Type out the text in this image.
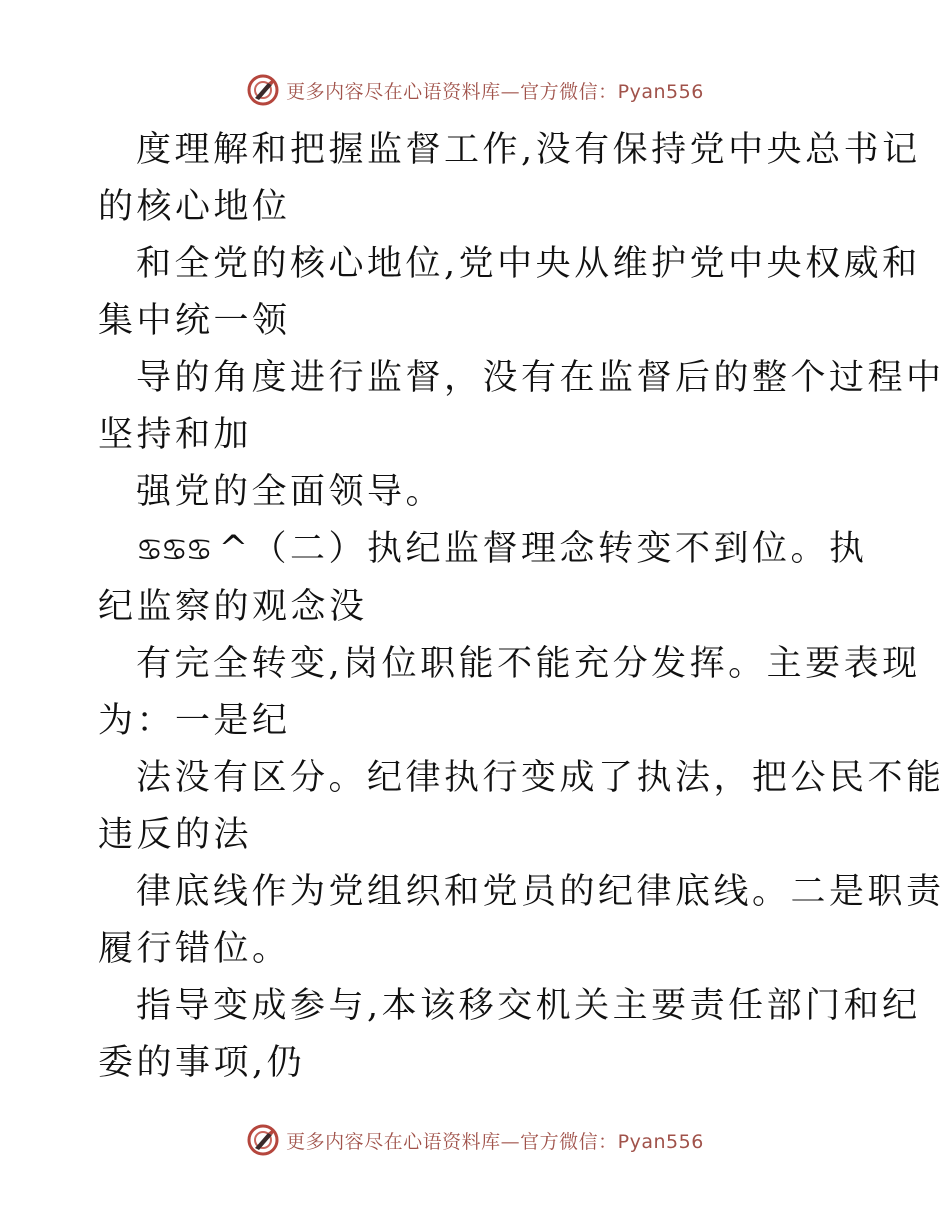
更多内容尽在心语资料库—官方微信：Pyan556

度理解和把握监督工作,没有保持党中央总书记
的核心地位

和全党的核心地位,党中央从维护党中央权威和
集中统一领

导的角度进行监督，没有在监督后的整个过程中
坚持和加

强党的全面领导。

♋♋♋ ^（二）执纪监督理念转变不到位。执
纪监察的观念没

有完全转变,岗位职能不能充分发挥。主要表现
为：一是纪

法没有区分。纪律执行变成了执法，把公民不能
违反的法

律底线作为党组织和党员的纪律底线。二是职责
履行错位。

指导变成参与,本该移交机关主要责任部门和纪
委的事项,仍

更多内容尽在心语资料库—官方微信：Pyan556
